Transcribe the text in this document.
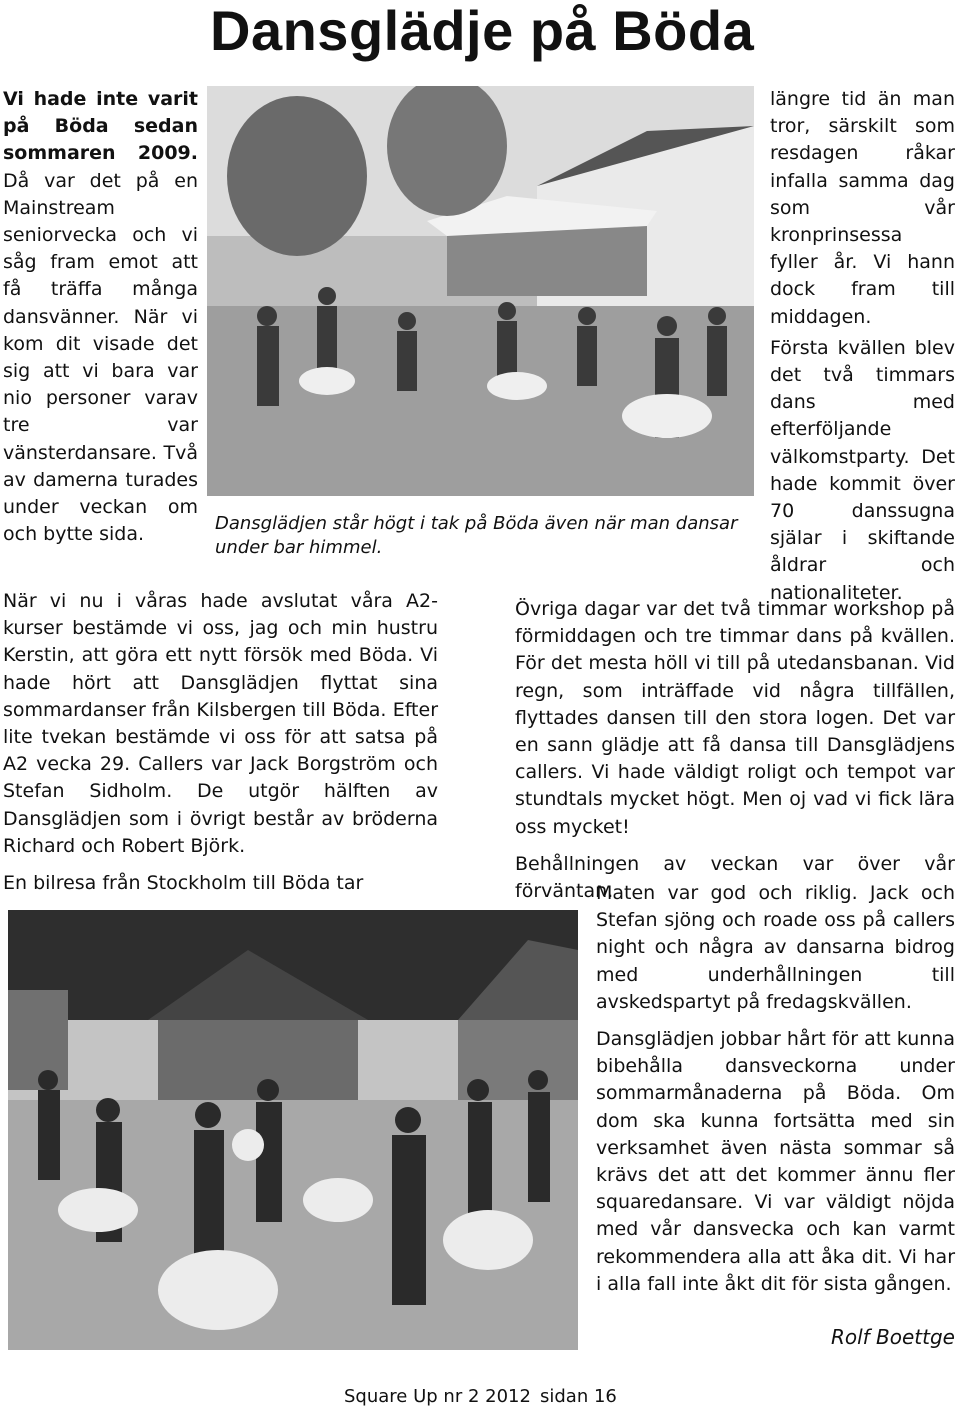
Dansglädje på Böda

Vi hade inte varit på Böda sedan sommaren 2009. Då var det på en Mainstream seniorvecka och vi såg fram emot att få träffa många dansvänner. När vi kom dit visade det sig att vi bara var nio personer varav tre var vänsterdansare. Två av damerna turades under veckan om och bytte sida.	Dansglädjen står högt i tak på Böda även när man dansar under bar himmel.

längre tid än man tror, särskilt som resdagen råkar infalla samma dag som vår kronprinsessa fyller år. Vi hann dock fram till middagen.

Första kvällen blev det två timmars dans med efterföljande välkomstparty. Det hade kommit över 70 danssugna själar i skiftande åldrar och nationaliteter.

När vi nu i våras hade avslutat våra A2-kurser bestämde vi oss, jag och min hustru Kerstin, att göra ett nytt försök med Böda. Vi hade hört att Dansglädjen flyttat sina sommardanser från Kilsbergen till Böda. Efter lite tvekan bestämde vi oss för att satsa på A2 vecka 29. Callers var Jack Borgström och Stefan Sidholm. De utgör hälften av Dansglädjen som i övrigt består av bröderna Richard och Robert Björk.

En bilresa från Stockholm till Böda tar

Övriga dagar var det två timmar workshop på förmiddagen och tre timmar dans på kvällen. För det mesta höll vi till på utedansbanan. Vid regn, som inträffade vid några tillfällen, flyttades dansen till den stora logen. Det var en sann glädje att få dansa till Dansglädjens callers. Vi hade väldigt roligt och tempot var stundtals mycket högt. Men oj vad vi fick lära oss mycket!

Behållningen av veckan var över vår förväntan.

Maten var god och riklig. Jack och Stefan sjöng och roade oss på callers night och några av dansarna bidrog med underhållningen till avskedspartyt på fredagskvällen.

Dansglädjen jobbar hårt för att kunna bibehålla dansveckorna under sommarmånaderna på Böda. Om dom ska kunna fortsätta med sin verksamhet även nästa sommar så krävs det att det kommer ännu fler squaredansare. Vi var väldigt nöjda med vår dansvecka och kan varmt rekommendera alla att åka dit. Vi har i alla fall inte åkt dit för sista gången.

Rolf Boettge
Square Up nr 2 2012 sidan 16
